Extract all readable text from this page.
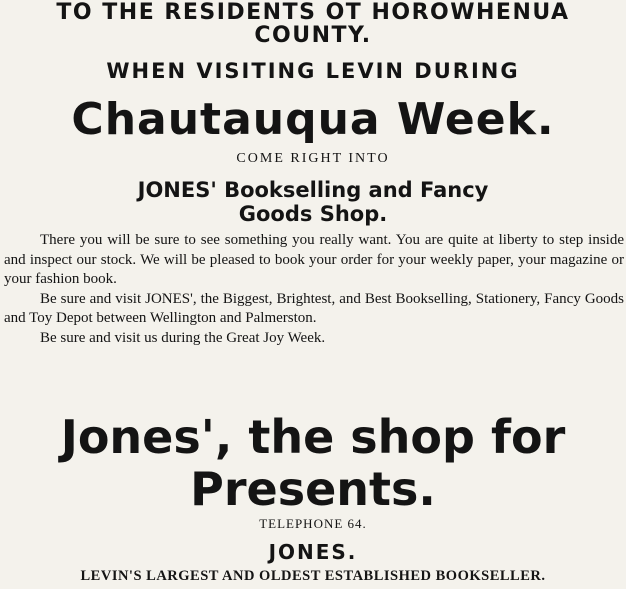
TO THE RESIDENTS OT HOROWHENUA
COUNTY.
WHEN VISITING LEVIN DURING
Chautauqua Week.
COME RIGHT INTO
JONES' Bookselling and Fancy
Goods Shop.

There you will be sure to see something you really want. You are quite at liberty to step inside and inspect our stock. We will be pleased to book your order for your weekly paper, your magazine or your fashion book.

Be sure and visit JONES', the Biggest, Brightest, and Best Bookselling, Stationery, Fancy Goods and Toy Depot between Wellington and Palmerston.

Be sure and visit us during the Great Joy Week.

Jones', the shop for
Presents.
TELEPHONE 64.
JONES.
LEVIN'S LARGEST AND OLDEST ESTABLISHED BOOKSELLER.
